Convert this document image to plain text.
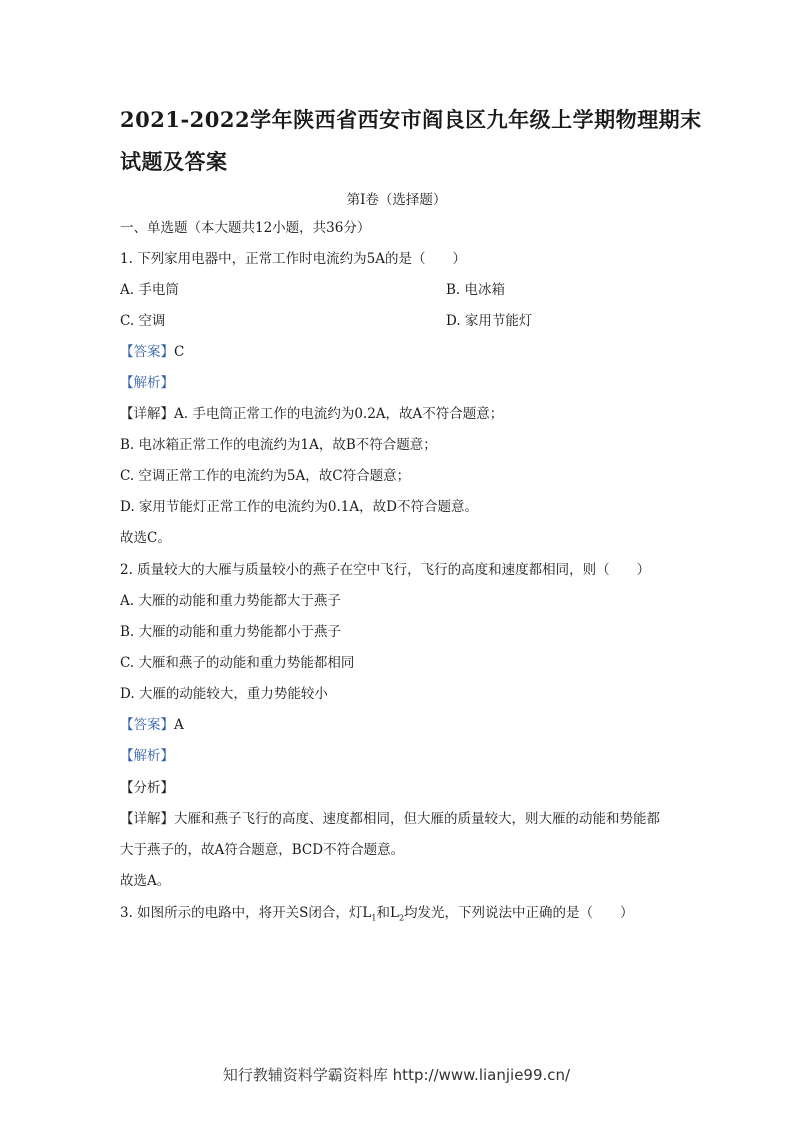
2021-2022学年陕西省西安市阎良区九年级上学期物理期末
试题及答案
第Ⅰ卷（选择题）
一、单选题（本大题共12小题，共36分）
1. 下列家用电器中，正常工作时电流约为5A的是（　　）
A. 手电筒	B. 电冰箱
C. 空调	D. 家用节能灯
【答案】C
【解析】
【详解】A. 手电筒正常工作的电流约为0.2A，故A不符合题意；
B. 电冰箱正常工作的电流约为1A，故B不符合题意；
C. 空调正常工作的电流约为5A，故C符合题意；
D. 家用节能灯正常工作的电流约为0.1A，故D不符合题意。
故选C。
2. 质量较大的大雁与质量较小的燕子在空中飞行，飞行的高度和速度都相同，则（　　）
A. 大雁的动能和重力势能都大于燕子
B. 大雁的动能和重力势能都小于燕子
C. 大雁和燕子的动能和重力势能都相同
D. 大雁的动能较大，重力势能较小
【答案】A
【解析】
【分析】
【详解】大雁和燕子飞行的高度、速度都相同，但大雁的质量较大，则大雁的动能和势能都
大于燕子的，故A符合题意，BCD不符合题意。
故选A。
3. 如图所示的电路中，将开关S闭合，灯$L_1$和$L_2$均发光，下列说法中正确的是（　　）
知行教辅资料学霸资料库 http://www.lianjie99.cn/
